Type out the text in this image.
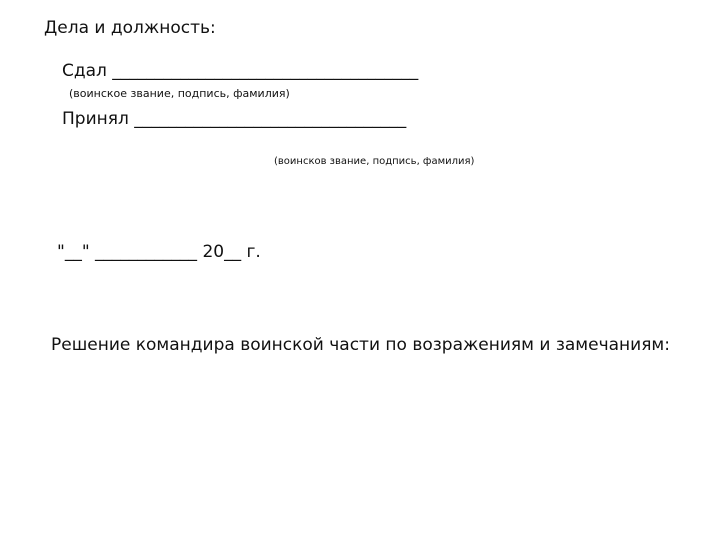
Дела и должность:
Сдал ____________________________________
(воинское звание, подпись, фамилия)
Принял ________________________________
(воинсков звание, подпись, фамилия)
"__" ____________ 20__ г.
Решение командира воинской части по возражениям и замечаниям:
